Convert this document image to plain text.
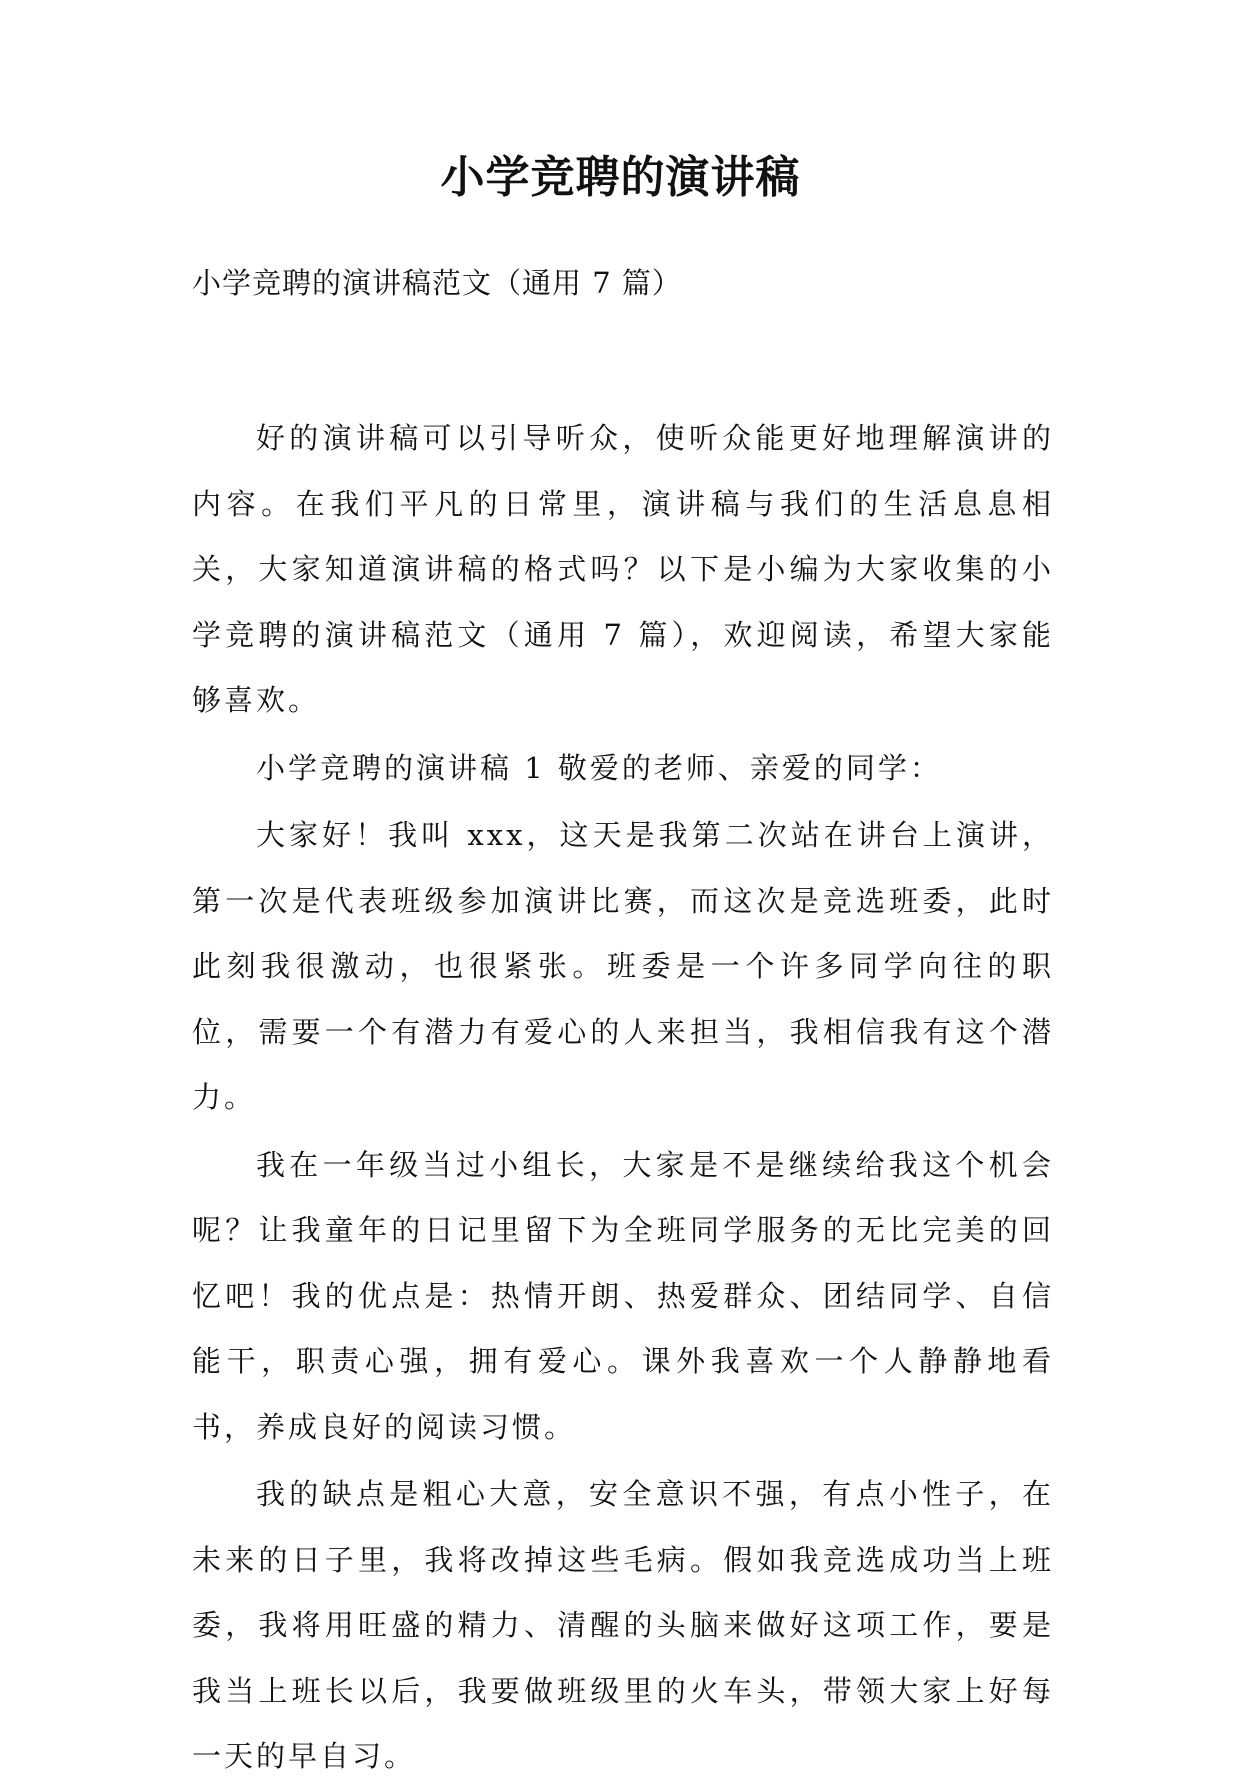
小学竞聘的演讲稿

小学竞聘的演讲稿范文（通用 7 篇）

好的演讲稿可以引导听众，使听众能更好地理解演讲的内容。在我们平凡的日常里，演讲稿与我们的生活息息相关，大家知道演讲稿的格式吗？以下是小编为大家收集的小学竞聘的演讲稿范文（通用 7 篇），欢迎阅读，希望大家能够喜欢。

小学竞聘的演讲稿 1 敬爱的老师、亲爱的同学：

大家好！我叫 xxx，这天是我第二次站在讲台上演讲，第一次是代表班级参加演讲比赛，而这次是竞选班委，此时此刻我很激动，也很紧张。班委是一个许多同学向往的职位，需要一个有潜力有爱心的人来担当，我相信我有这个潜力。

我在一年级当过小组长，大家是不是继续给我这个机会呢？让我童年的日记里留下为全班同学服务的无比完美的回忆吧！我的优点是：热情开朗、热爱群众、团结同学、自信能干，职责心强，拥有爱心。课外我喜欢一个人静静地看书，养成良好的阅读习惯。

我的缺点是粗心大意，安全意识不强，有点小性子，在未来的日子里，我将改掉这些毛病。假如我竞选成功当上班委，我将用旺盛的精力、清醒的头脑来做好这项工作，要是我当上班长以后，我要做班级里的火车头，带领大家上好每一天的早自习。
